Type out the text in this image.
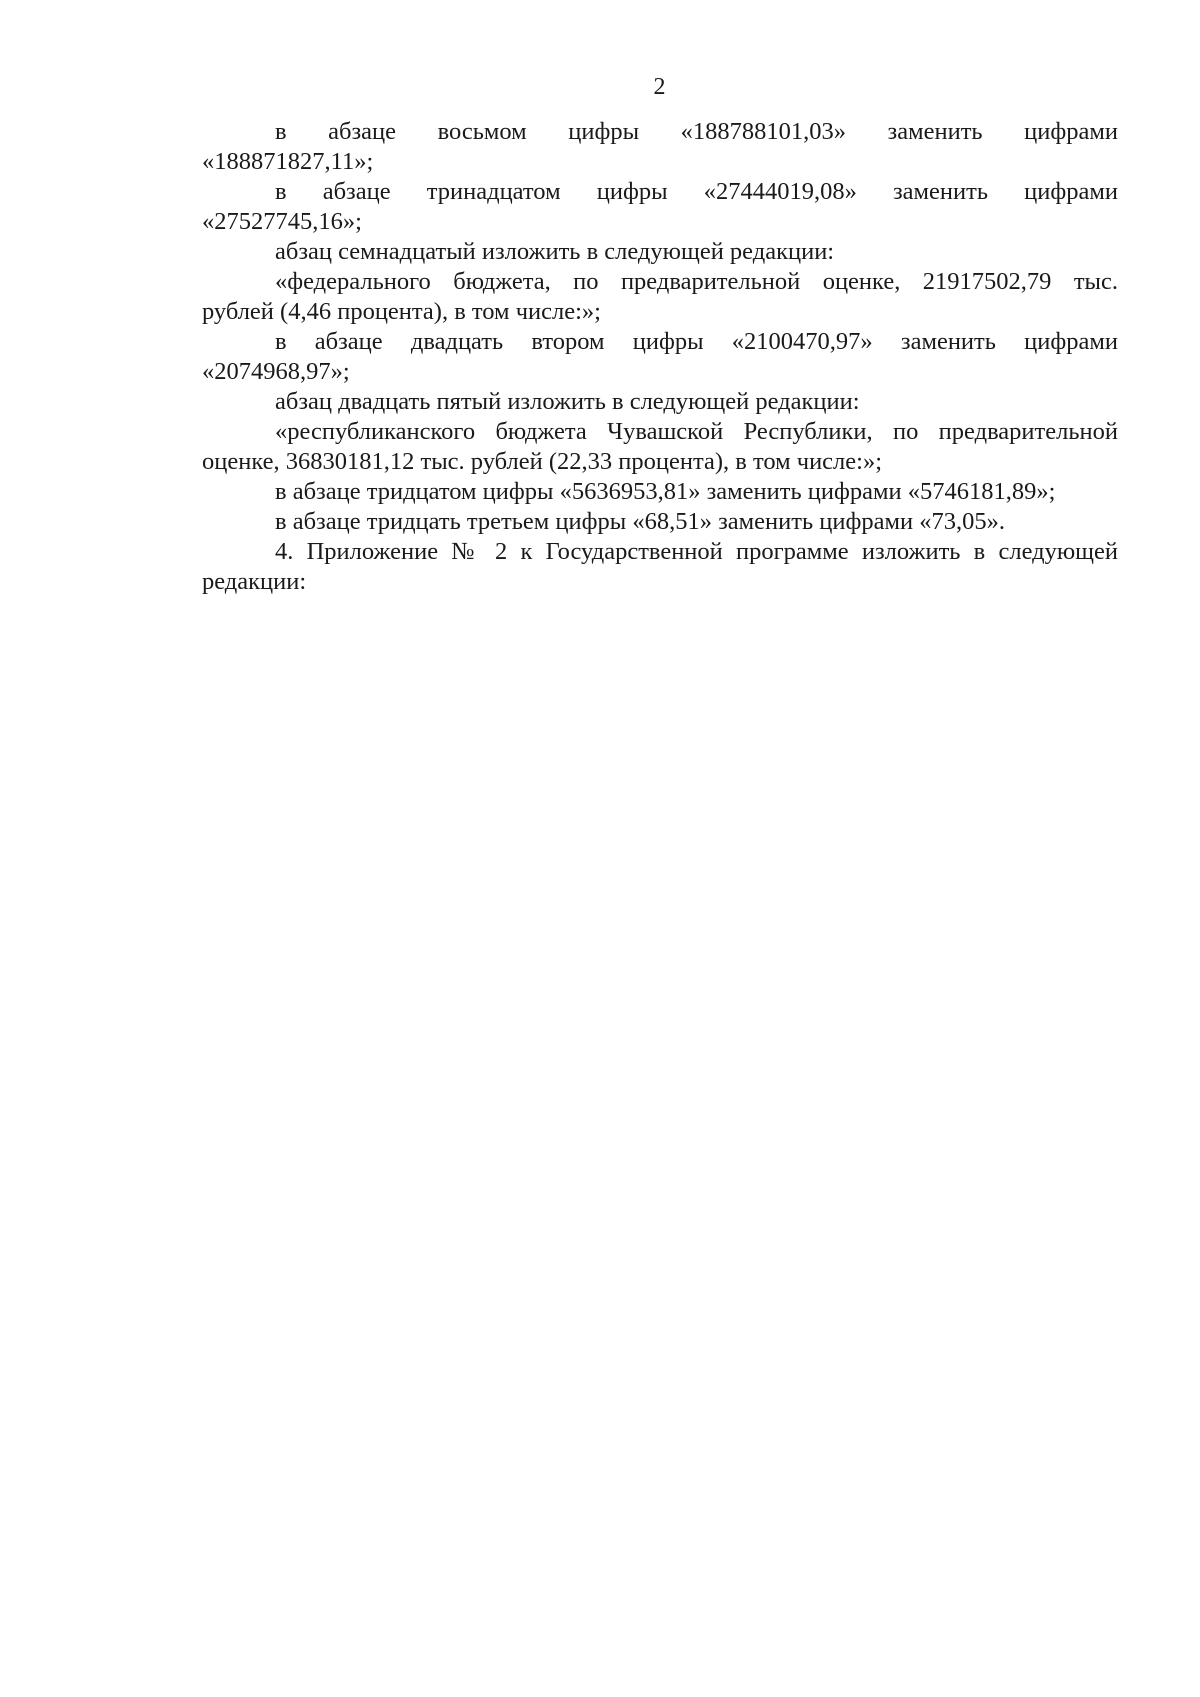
2

в абзаце восьмом цифры «188788101,03» заменить цифрами

«188871827,11»;

в абзаце тринадцатом цифры «27444019,08» заменить цифрами

«27527745,16»;

абзац семнадцатый изложить в следующей редакции:

«федерального бюджета, по предварительной оценке, 21917502,79 тыс.

рублей (4,46 процента), в том числе:»;

в абзаце двадцать втором цифры «2100470,97» заменить цифрами

«2074968,97»;

абзац двадцать пятый изложить в следующей редакции:

«республиканского бюджета Чувашской Республики, по предварительной

оценке, 36830181,12 тыс. рублей (22,33 процента), в том числе:»;

в абзаце тридцатом цифры «5636953,81» заменить цифрами «5746181,89»;

в абзаце тридцать третьем цифры «68,51» заменить цифрами «73,05».

4. Приложение № 2 к Государственной программе изложить в следующей

редакции:
